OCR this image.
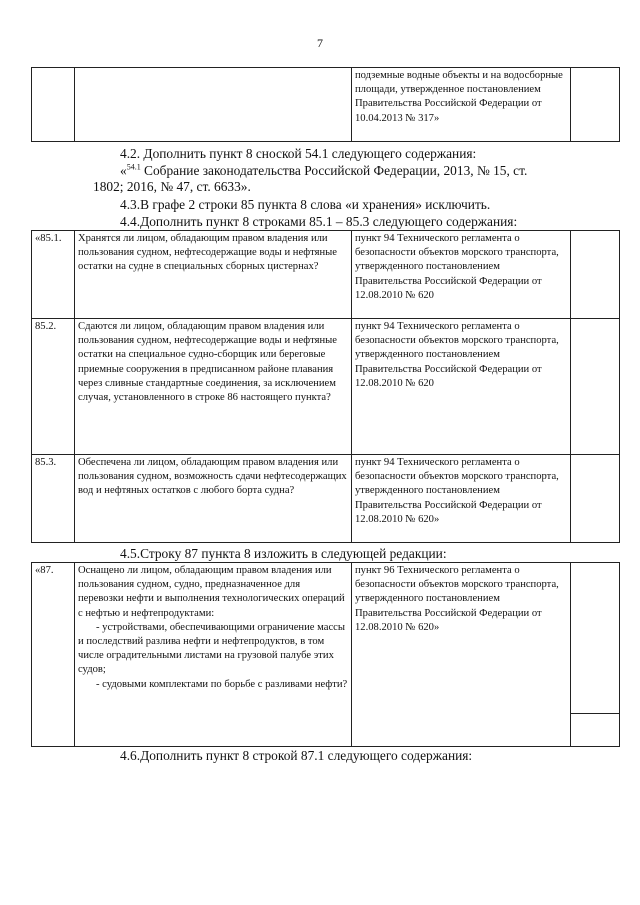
7
		подземные водные объекты и на водосборные площади, утвержденное постановлением Правительства Российской Федерации от 10.04.2013 № 317»	
4.2. Дополнить пункт 8 сноской 54.1 следующего содержания:
«$^{54.1}$ Собрание законодательства Российской Федерации, 2013, № 15, ст.
1802; 2016, № 47, ст. 6633».
4.3.В графе 2 строки 85 пункта 8 слова «и хранения» исключить.
4.4.Дополнить пункт 8 строками 85.1 – 85.3 следующего содержания:
«85.1.	Хранятся ли лицом, обладающим правом владения или пользования судном, нефтесодержащие воды и нефтяные остатки на судне в специальных сборных цистернах?	пункт 94 Технического регламента о безопасности объектов морского транспорта, утвержденного постановлением Правительства Российской Федерации от 12.08.2010 № 620	
85.2.	Сдаются ли лицом, обладающим правом владения или пользования судном, нефтесодержащие воды и нефтяные остатки на специальное судно-сборщик или береговые приемные сооружения в предписанном районе плавания через сливные стандартные соединения, за исключением случая, установленного в строке 86 настоящего пункта?	пункт 94 Технического регламента о безопасности объектов морского транспорта, утвержденного постановлением Правительства Российской Федерации от 12.08.2010 № 620	
85.3.	Обеспечена ли лицом, обладающим правом владения или пользования судном, возможность сдачи нефтесодержащих вод и нефтяных остатков с любого борта судна?	пункт 94 Технического регламента о безопасности объектов морского транспорта, утвержденного постановлением Правительства Российской Федерации от 12.08.2010 № 620»	
4.5.Строку 87 пункта 8 изложить в следующей редакции:
«87.	Оснащено ли лицом, обладающим правом владения или пользования судном, судно, предназначенное для перевозки нефти и выполнения технологических операций с нефтью и нефтепродуктами:
- устройствами, обеспечивающими ограничение массы и последствий разлива нефти и нефтепродуктов, в том числе оградительными листами на грузовой палубе этих судов;
- судовыми комплектами по борьбе с разливами нефти?
	пункт 96 Технического регламента о безопасности объектов морского транспорта, утвержденного постановлением Правительства Российской Федерации от 12.08.2010 № 620»	
4.6.Дополнить пункт 8 строкой 87.1 следующего содержания:
